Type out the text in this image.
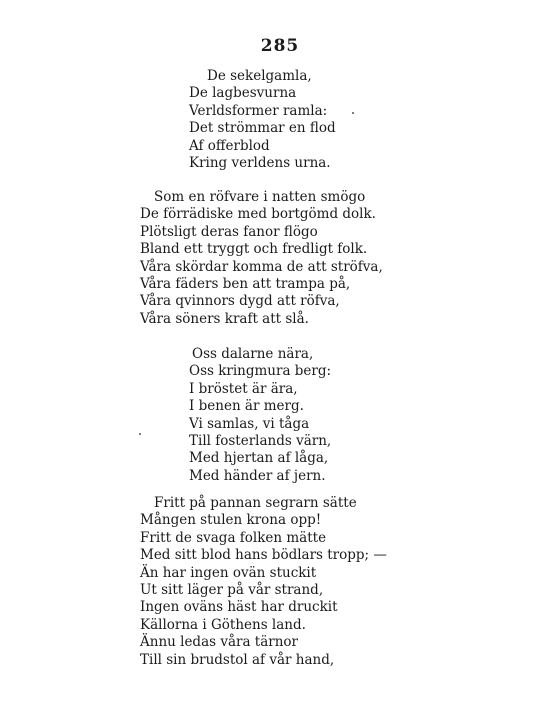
285
De sekelgamla,
De lagbesvurna
Verldsformer ramla:
Det strömmar en flod
Af offerblod
Kring verldens urna.
Som en röfvare i natten smögo
De förrädiske med bortgömd dolk.
Plötsligt deras fanor flögo
Bland ett tryggt och fredligt folk.
Våra skördar komma de att ströfva,
Våra fäders ben att trampa på,
Våra qvinnors dygd att röfva,
Våra söners kraft att slå.
Oss dalarne nära,
Oss kringmura berg:
I bröstet är ära,
I benen är merg.
Vi samlas, vi tåga
Till fosterlands värn,
Med hjertan af låga,
Med händer af jern.
Fritt på pannan segrarn sätte
Mången stulen krona opp!
Fritt de svaga folken mätte
Med sitt blod hans bödlars tropp; —
Än har ingen ovän stuckit
Ut sitt läger på vår strand,
Ingen oväns häst har druckit
Källorna i Göthens land.
Ännu ledas våra tärnor
Till sin brudstol af vår hand,
